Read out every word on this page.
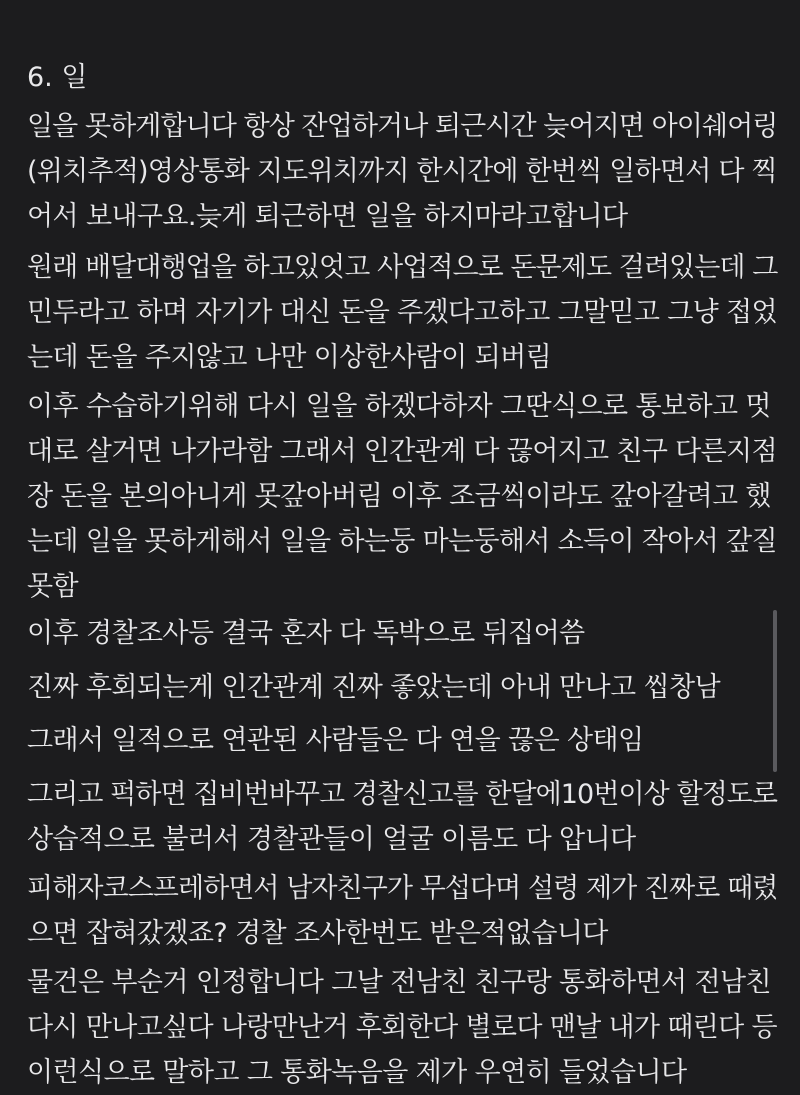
6. 일

일을 못하게합니다 항상 잔업하거나 퇴근시간 늦어지면 아이쉐어링
(위치추적)영상통화 지도위치까지 한시간에 한번씩 일하면서 다 찍
어서 보내구요.늦게 퇴근하면 일을 하지마라고합니다

원래 배달대행업을 하고있엇고 사업적으로 돈문제도 걸려있는데 그
민두라고 하며 자기가 대신 돈을 주겠다고하고 그말믿고 그냥 접었
는데 돈을 주지않고 나만 이상한사람이 되버림

이후 수습하기위해 다시 일을 하겠다하자 그딴식으로 통보하고 멋
대로 살거면 나가라함 그래서 인간관계 다 끊어지고 친구 다른지점
장 돈을 본의아니게 못갚아버림 이후 조금씩이라도 갚아갈려고 했
는데 일을 못하게해서 일을 하는둥 마는둥해서 소득이 작아서 갚질
못함

이후 경찰조사등 결국 혼자 다 독박으로 뒤집어씀

진짜 후회되는게 인간관계 진짜 좋았는데 아내 만나고 씹창남

그래서 일적으로 연관된 사람들은 다 연을 끊은 상태임

그리고 퍽하면 집비번바꾸고 경찰신고를 한달에10번이상 할정도로
상습적으로 불러서 경찰관들이 얼굴 이름도 다 압니다

피해자코스프레하면서 남자친구가 무섭다며 설령 제가 진짜로 때렸
으면 잡혀갔겠죠? 경찰 조사한번도 받은적없습니다

물건은 부순거 인정합니다 그날 전남친 친구랑 통화하면서 전남친
다시 만나고싶다 나랑만난거 후회한다 별로다 맨날 내가 때린다 등
이런식으로 말하고 그 통화녹음을 제가 우연히 들었습니다
